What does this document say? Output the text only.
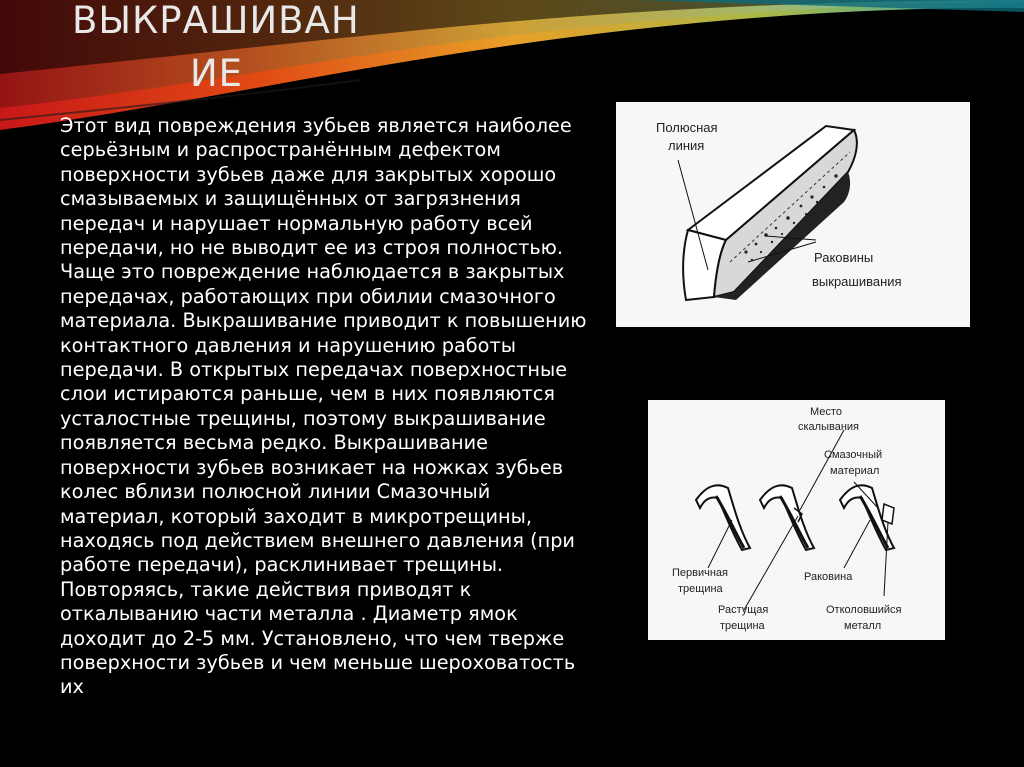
ВЫКРАШИВАН
ИЕ

Этот вид повреждения зубьев является наиболее серьёзным и распространённым дефектом поверхности зубьев даже для закрытых хорошо смазываемых и защищённых от загрязнения передач и нарушает нормальную работу всей передачи, но не выводит ее из строя полностью. Чаще это повреждение наблюдается в закрытых передачах, работающих при обилии смазочного материала. Выкрашивание приводит к повышению контактного давления и нарушению работы передачи. В открытых передачах поверхностные слои истираются раньше, чем в них появляются усталостные трещины, поэтому выкрашивание появляется весьма редко. Выкрашивание поверхности зубьев возникает на ножках зубьев колес вблизи полюсной линии Смазочный материал, который заходит в микротрещины, находясь под действием внешнего давления (при работе передачи), расклинивает трещины. Повторяясь, такие действия приводят к откалыванию части металла . Диаметр ямок доходит до 2-5 мм. Установлено, что чем тверже поверхности зубьев и чем меньше шероховатость их

Полюсная
линия
Раковины
выкрашивания
Место
скалывания
Смазочный
материал
Первичная
трещина
Раковина
Растущая
трещина
Отколовшийся
металл
